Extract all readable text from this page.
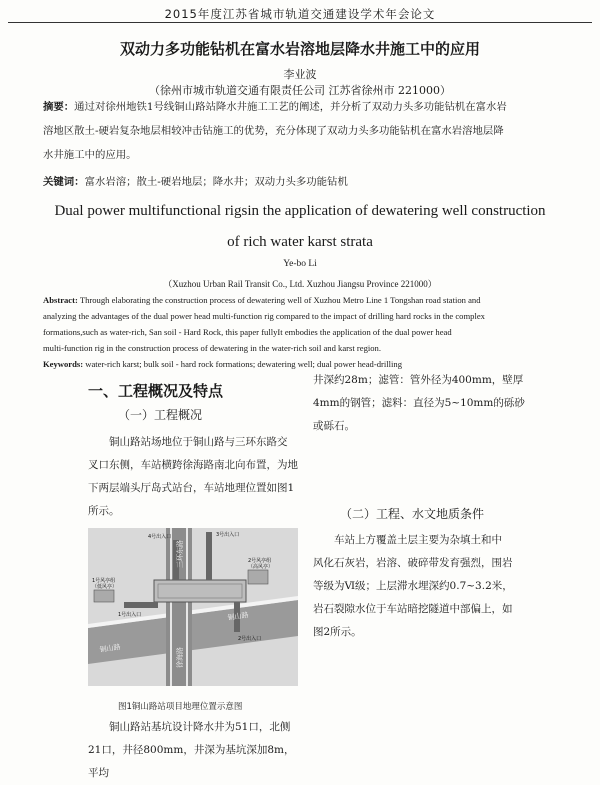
2015年度江苏省城市轨道交通建设学术年会论文
双动力多功能钻机在富水岩溶地层降水井施工中的应用
李业波
（徐州市城市轨道交通有限责任公司 江苏省徐州市 221000）
摘要：通过对徐州地铁1号线铜山路站降水井施工工艺的阐述，并分析了双动力头多功能钻机在富水岩
溶地区散土-硬岩复杂地层相较冲击钻施工的优势，充分体现了双动力头多功能钻机在富水岩溶地层降
水井施工中的应用。
关键词：富水岩溶；散土-硬岩地层；降水井；双动力头多功能钻机
Dual power multifunctional rigsin the application of dewatering well construction
of rich water karst strata
Ye-bo Li
（Xuzhou Urban Rail Transit Co., Ltd. Xuzhou Jiangsu Province 221000）
Abstract: Through elaborating the construction process of dewatering well of Xuzhou Metro Line 1 Tongshan road station and
analyzing the advantages of the dual power head multi-function rig compared to the impact of drilling hard rocks in the complex
formations,such as water-rich, San soil - Hard Rock, this paper fullyIt embodies the application of the dual power head
multi-function rig in the construction process of dewatering in the water-rich soil and karst region.
Keywords: water-rich karst; bulk soil - hard rock formations; dewatering well; dual power head-drilling
一、工程概况及特点
（一）工程概况
铜山路站场地位于铜山路与三环东路交
叉口东侧，车站横跨徐海路南北向布置，为地
下两层端头厅岛式站台，车站地理位置如图1
所示。
4号出入口	3号出入口
2号风亭组
（高风亭）
1号风亭组
（低风亭）
1号出入口
2号出入口
铜山路
铜山路
徐海路
三环东路
图1铜山路站项目地理位置示意图
铜山路站基坑设计降水井为51口，北侧
21口，井径800mm，井深为基坑深加8m，平均
井深约28m；滤管：管外径为400mm，壁厚
4mm的钢管；滤料：直径为5~10mm的砾砂
或砾石。
（二）工程、水文地质条件
车站上方覆盖土层主要为杂填土和中
风化石灰岩，岩溶、破碎带发育强烈，围岩
等级为Ⅵ级；上层滞水埋深约0.7~3.2米，
岩石裂隙水位于车站暗挖隧道中部偏上，如
图2所示。
